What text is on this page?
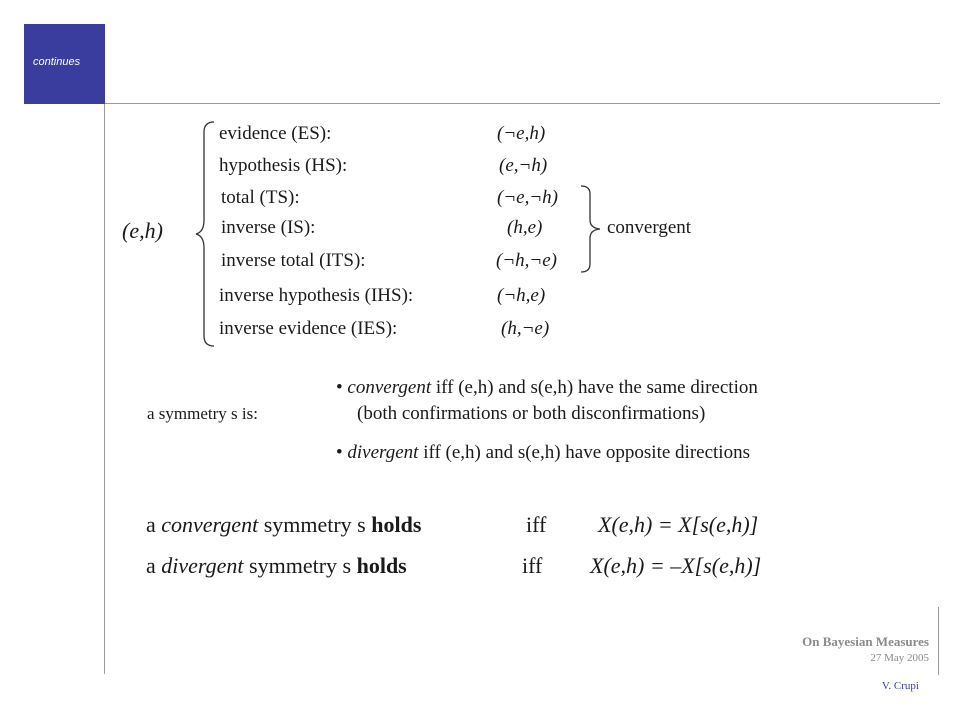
continues
(e,h)
evidence (ES):	(¬e,h)
hypothesis (HS):	(e,¬h)
total (TS):	(¬e,¬h)
inverse (IS):	(h,e)
inverse total (ITS):	(¬h,¬e)
inverse hypothesis (IHS):	(¬h,e)
inverse evidence (IES):	(h,¬e)
convergent
a symmetry s is:
• convergent iff (e,h) and s(e,h) have the same direction
(both confirmations or both disconfirmations)
• divergent iff (e,h) and s(e,h) have opposite directions
a convergent symmetry s holds	iff X(e,h) = X[s(e,h)]
a divergent symmetry s holds	iff X(e,h) = –X[s(e,h)]
On Bayesian Measures
27 May 2005
V. Crupi
